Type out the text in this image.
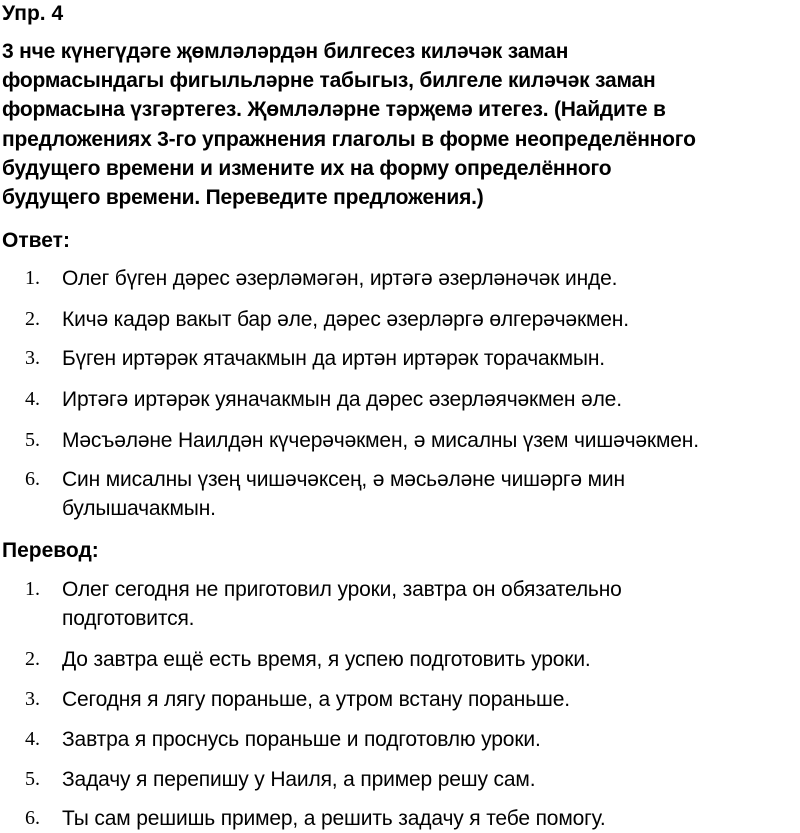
Упр. 4
3 нче күнегүдәге җөмләләрдән билгесез киләчәк заман
формасындагы фигыльләрне табыгыз, билгеле киләчәк заман
формасына үзгәртегез. Җөмләләрне тәрҗемә итегез. (Найдите в
предложениях 3-го упражнения глаголы в форме неопределённого
будущего времени и измените их на форму определённого
будущего времени. Переведите предложения.)
Ответ:
1. Олег бүген дәрес әзерләмәгән, иртәгә әзерләнәчәк инде.
2. Кичә кадәр вакыт бар әле, дәрес әзерләргә өлгерәчәкмен.
3. Бүген иртәрәк ятачакмын да иртән иртәрәк торачакмын.
4. Иртәгә иртәрәк уяначакмын да дәрес әзерләячәкмен әле.
5. Мәсъәләне Наилдән күчерәчәкмен, ә мисалны үзем чишәчәкмен.
6. Син мисалны үзең чишәчәксең, ә мәсьәләне чишәргә мин
булышачакмын.
Перевод:
1. Олег сегодня не приготовил уроки, завтра он обязательно
подготовится.
2. До завтра ещё есть время, я успею подготовить уроки.
3. Сегодня я лягу пораньше, а утром встану пораньше.
4. Завтра я проснусь пораньше и подготовлю уроки.
5. Задачу я перепишу у Наиля, а пример решу сам.
6. Ты сам решишь пример, а решить задачу я тебе помогу.
